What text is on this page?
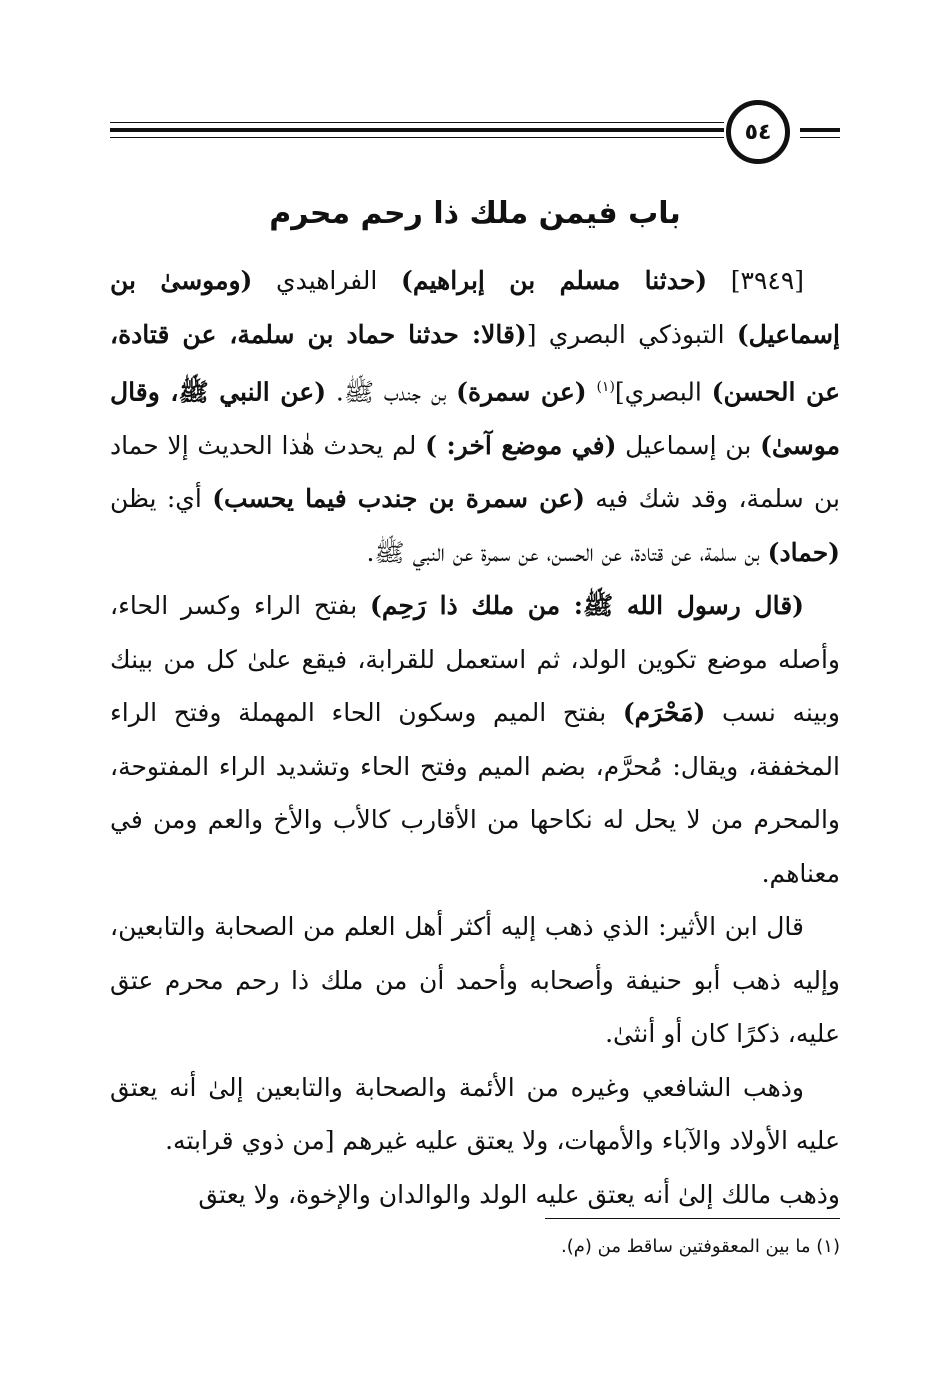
٥٤
باب فيمن ملك ذا رحم محرم

[٣٩٤٩] (حدثنا مسلم بن إبراهيم) الفراهيدي (وموسىٰ بن إسماعيل) التبوذكي البصري [(قالا: حدثنا حماد بن سلمة، عن قتادة، عن الحسن) البصري]$^{(١)}$ (عن سمرة) بن جندب ﷺ. (عن النبي ﷺ، وقال موسىٰ) بن إسماعيل (في موضع آخر: ) لم يحدث هٰذا الحديث إلا حماد بن سلمة، وقد شك فيه (عن سمرة بن جندب فيما يحسب) أي: يظن (حماد) بن سلمة، عن قتادة، عن الحسن، عن سمرة عن النبي ﷺ.

(قال رسول الله ﷺ: من ملك ذا رَحِم) بفتح الراء وكسر الحاء، وأصله موضع تكوين الولد، ثم استعمل للقرابة، فيقع علىٰ كل من بينك وبينه نسب (مَحْرَم) بفتح الميم وسكون الحاء المهملة وفتح الراء المخففة، ويقال: مُحرَّم، بضم الميم وفتح الحاء وتشديد الراء المفتوحة، والمحرم من لا يحل له نكاحها من الأقارب كالأب والأخ والعم ومن في معناهم.

قال ابن الأثير: الذي ذهب إليه أكثر أهل العلم من الصحابة والتابعين، وإليه ذهب أبو حنيفة وأصحابه وأحمد أن من ملك ذا رحم محرم عتق عليه، ذكرًا كان أو أنثىٰ.

وذهب الشافعي وغيره من الأئمة والصحابة والتابعين إلىٰ أنه يعتق عليه الأولاد والآباء والأمهات، ولا يعتق عليه غيرهم [من ذوي قرابته.

وذهب مالك إلىٰ أنه يعتق عليه الولد والوالدان والإخوة، ولا يعتق

(١) ما بين المعقوفتين ساقط من (م).
